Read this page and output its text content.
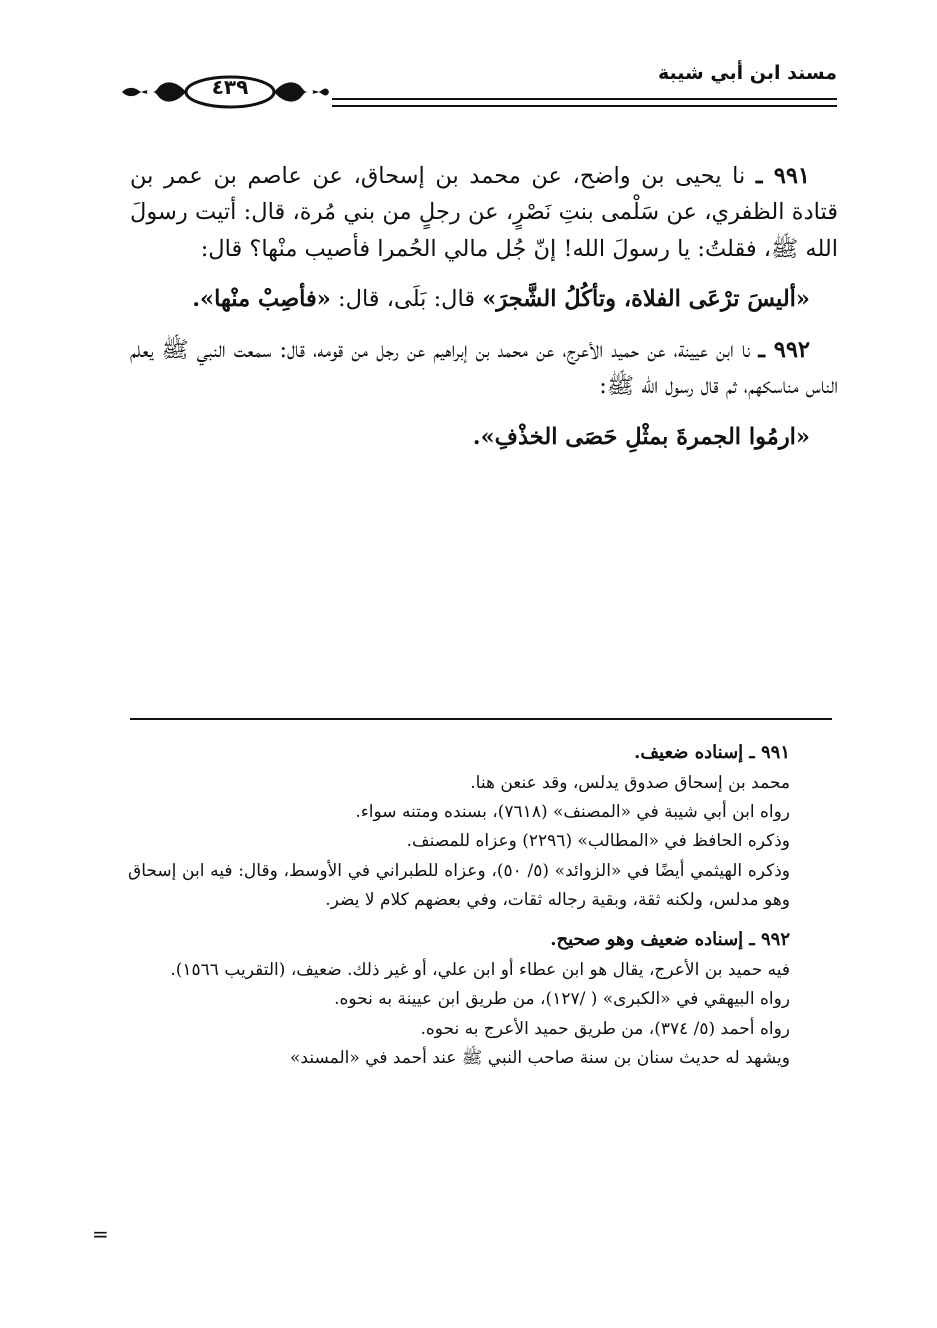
مسند ابن أبي شيبة
٤٣٩

٩٩١ ـ نا يحيى بن واضح، عن محمد بن إسحاق، عن عاصم بن عمر بن قتادة الظفري، عن سَلْمى بنتِ نَصْرٍ، عن رجلٍ من بني مُرة، قال: أتيت رسولَ الله ﷺ، فقلتُ: يا رسولَ الله! إنّ جُل مالي الحُمرا فأصيب منْها؟ قال:

«أليسَ ترْعَى الفلاة، وتأكُلُ الشَّجرَ» قال: بَلَى، قال: «فأصِبْ منْها».

٩٩٢ ـ نا ابن عيينة، عن حميد الأعرج، عن محمد بن إبراهيم عن رجل من قومه، قال: سمعت النبي ﷺ يعلم الناس مناسكهم، ثم قال رسول الله ﷺ:

«ارمُوا الجمرةَ بمثْلِ حَصَى الخذْفِ».

٩٩١ ـ إسناده ضعيف.

محمد بن إسحاق صدوق يدلس، وقد عنعن هنا.

رواه ابن أبي شيبة في «المصنف» (٧٦١٨)، بسنده ومتنه سواء.

وذكره الحافظ في «المطالب» (٢٢٩٦) وعزاه للمصنف.

وذكره الهيثمي أيضًا في «الزوائد» (٥/ ٥٠)، وعزاه للطبراني في الأوسط، وقال: فيه ابن إسحاق وهو مدلس، ولكنه ثقة، وبقية رجاله ثقات، وفي بعضهم كلام لا يضر.

٩٩٢ ـ إسناده ضعيف وهو صحيح.

فيه حميد بن الأعرج، يقال هو ابن عطاء أو ابن علي، أو غير ذلك. ضعيف، (التقريب ١٥٦٦).

رواه البيهقي في «الكبرى» ( /١٢٧)، من طريق ابن عيينة به نحوه.

رواه أحمد (٥/ ٣٧٤)، من طريق حميد الأعرج به نحوه.

ويشهد له حديث سنان بن سنة صاحب النبي ﷺ عند أحمد في «المسند»

=
